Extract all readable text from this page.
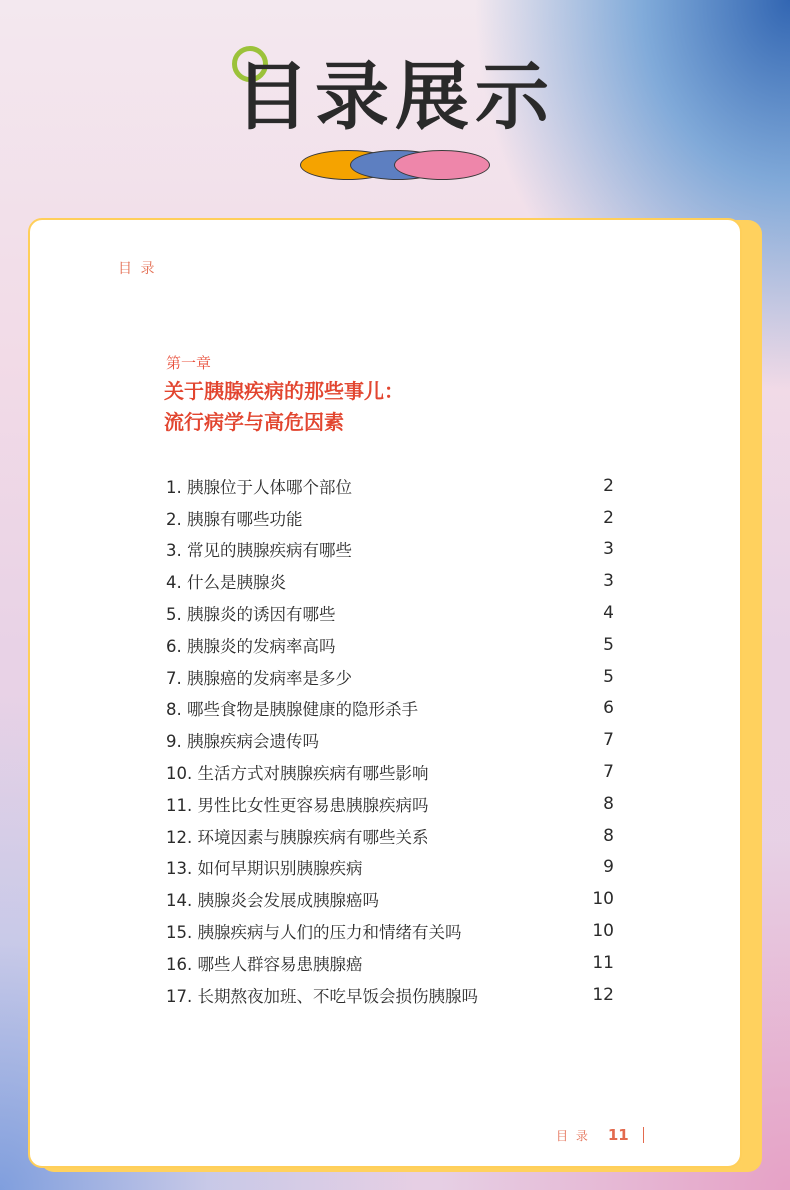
目录展示
目 录
第一章
关于胰腺疾病的那些事儿：
流行病学与高危因素
1. 胰腺位于人体哪个部位	2
2. 胰腺有哪些功能	2
3. 常见的胰腺疾病有哪些	3
4. 什么是胰腺炎	3
5. 胰腺炎的诱因有哪些	4
6. 胰腺炎的发病率高吗	5
7. 胰腺癌的发病率是多少	5
8. 哪些食物是胰腺健康的隐形杀手	6
9. 胰腺疾病会遗传吗	7
10. 生活方式对胰腺疾病有哪些影响	7
11. 男性比女性更容易患胰腺疾病吗	8
12. 环境因素与胰腺疾病有哪些关系	8
13. 如何早期识别胰腺疾病	9
14. 胰腺炎会发展成胰腺癌吗	10
15. 胰腺疾病与人们的压力和情绪有关吗	10
16. 哪些人群容易患胰腺癌	11
17. 长期熬夜加班、不吃早饭会损伤胰腺吗	12
目 录 11
